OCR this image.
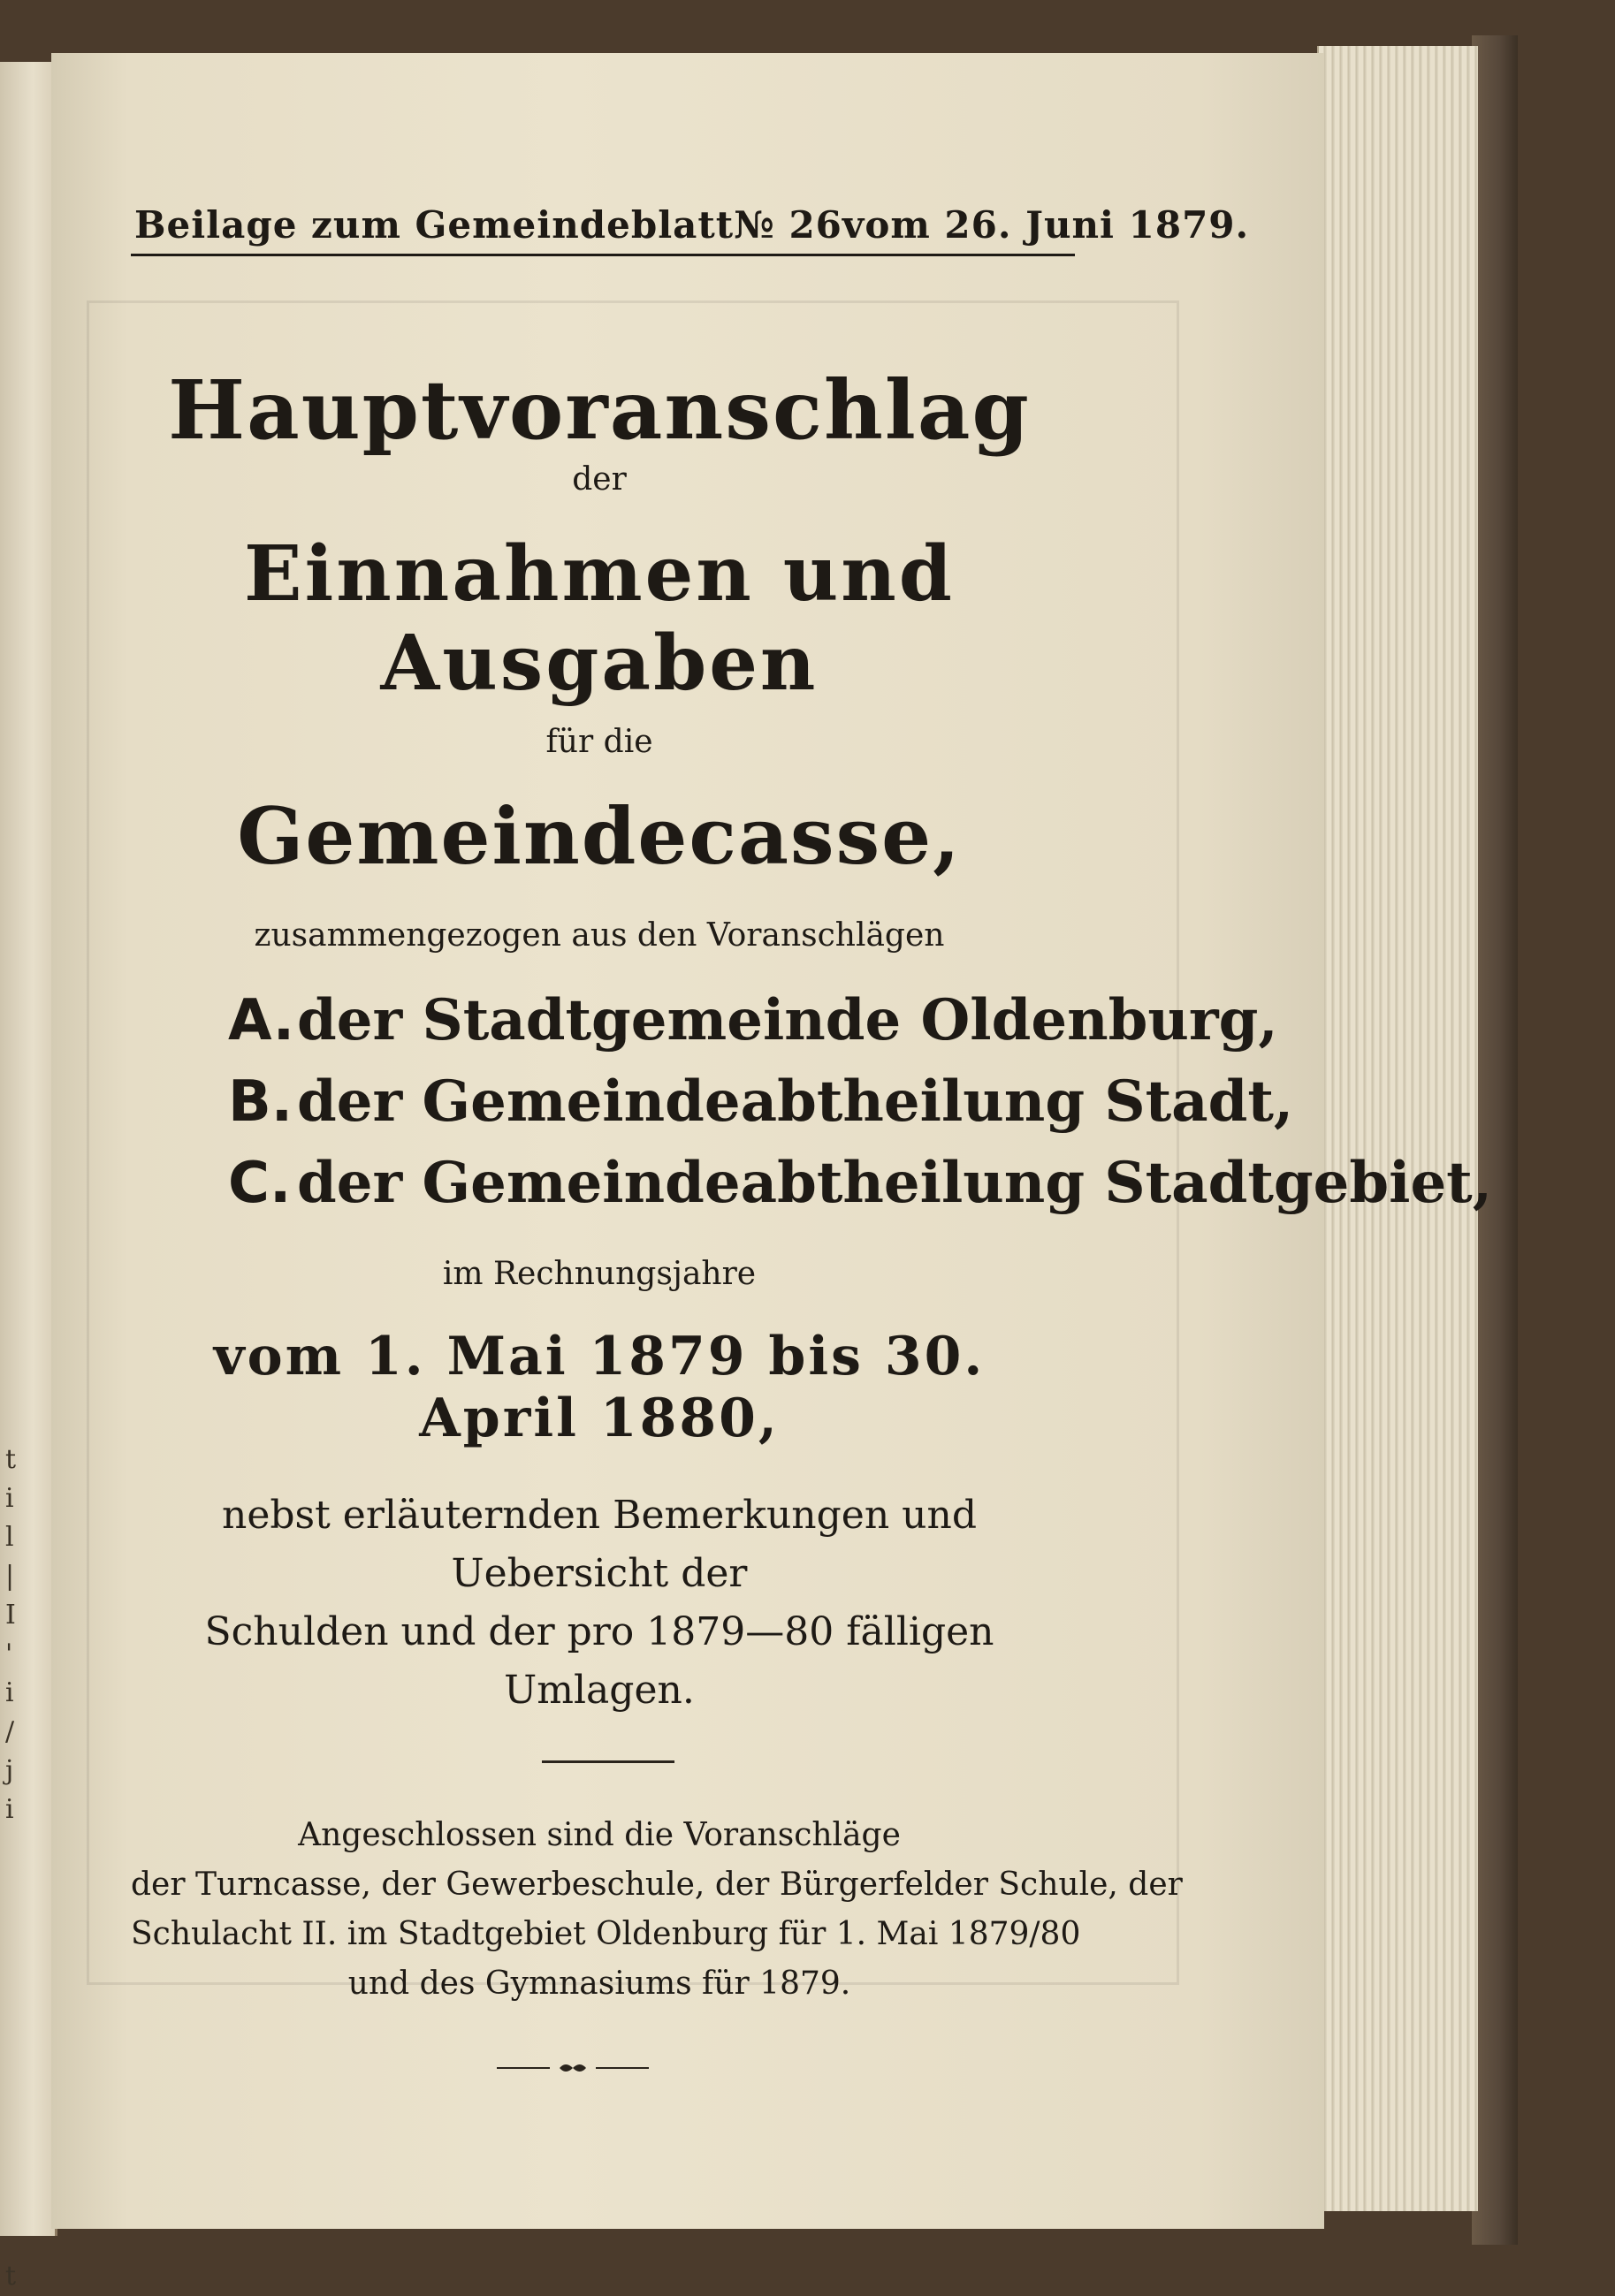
t
i
l
|
I
'
i
/
j
i
t
Beilage zum Gemeindeblatt № 26 vom 26. Juni 1879.
Hauptvoranschlag
der
Einnahmen und Ausgaben
für die
Gemeindecasse,
zusammengezogen aus den Voranschlägen
A.der Stadtgemeinde Oldenburg,
B.der Gemeindeabtheilung Stadt,
C. der Gemeindeabtheilung Stadtgebiet,
im Rechnungsjahre
vom 1. Mai 1879 bis 30. April 1880,
nebst erläuternden Bemerkungen und Uebersicht der
Schulden und der pro 1879—80 fälligen
Umlagen.
Angeschlossen sind die Voranschläge
der Turncasse, der Gewerbeschule, der Bürgerfelder Schule, der
Schulacht II. im Stadtgebiet Oldenburg für 1. Mai 1879/80
und des Gymnasiums für 1879.
